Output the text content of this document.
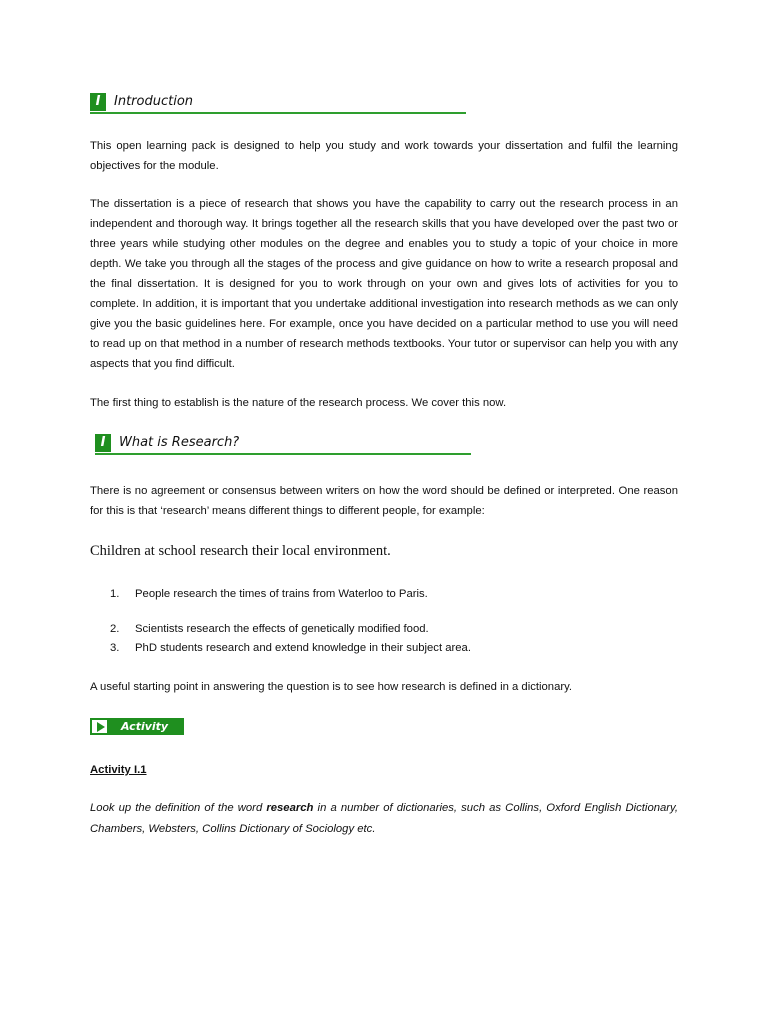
I	Introduction

This open learning pack is designed to help you study and work towards your dissertation and fulfil the learning objectives for the module.

The dissertation is a piece of research that shows you have the capability to carry out the research process in an independent and thorough way. It brings together all the research skills that you have developed over the past two or three years while studying other modules on the degree and enables you to study a topic of your choice in more depth. We take you through all the stages of the process and give guidance on how to write a research proposal and the final dissertation. It is designed for you to work through on your own and gives lots of activities for you to complete. In addition, it is important that you undertake additional investigation into research methods as we can only give you the basic guidelines here. For example, once you have decided on a particular method to use you will need to read up on that method in a number of research methods textbooks. Your tutor or supervisor can help you with any aspects that you find difficult.

The first thing to establish is the nature of the research process. We cover this now.

I	What is Research?

There is no agreement or consensus between writers on how the word should be defined or interpreted. One reason for this is that ‘research’ means different things to different people, for example:

Children at school research their local environment.

1.	People research the times of trains from Waterloo to Paris.
2.	Scientists research the effects of genetically modified food.
3.	PhD students research and extend knowledge in their subject area.

A useful starting point in answering the question is to see how research is defined in a dictionary.

Activity
Activity I.1

Look up the definition of the word research in a number of dictionaries, such as Collins, Oxford English Dictionary, Chambers, Websters, Collins Dictionary of Sociology etc.
